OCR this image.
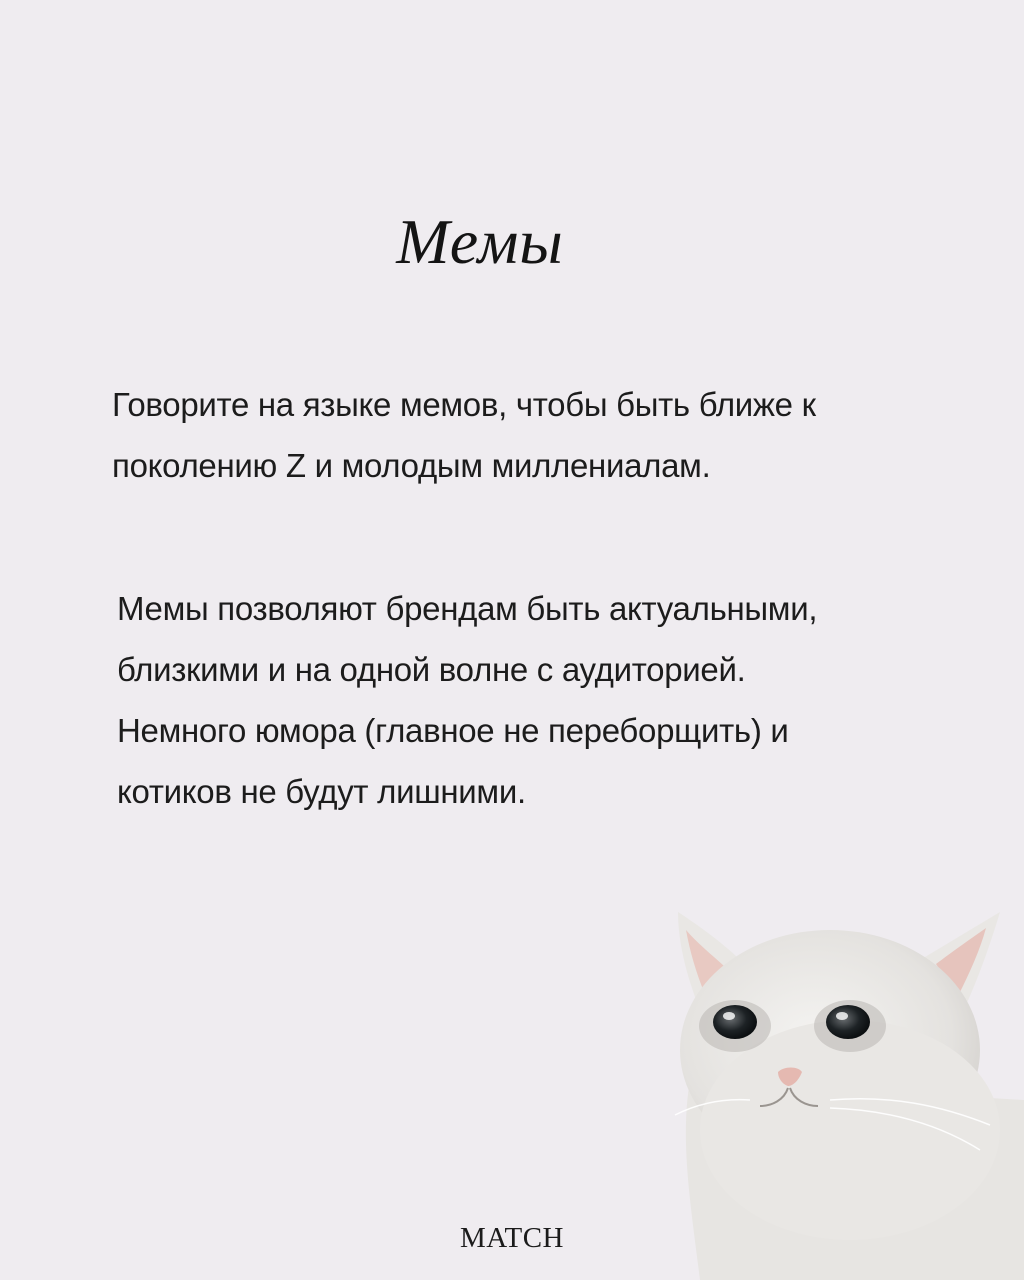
Мемы
Говорите на языке мемов, чтобы быть ближе к поколению Z и молодым миллениалам.
Мемы позволяют брендам быть актуальными, близкими и на одной волне с аудиторией. Немного юмора (главное не переборщить) и котиков не будут лишними.
MATCH
